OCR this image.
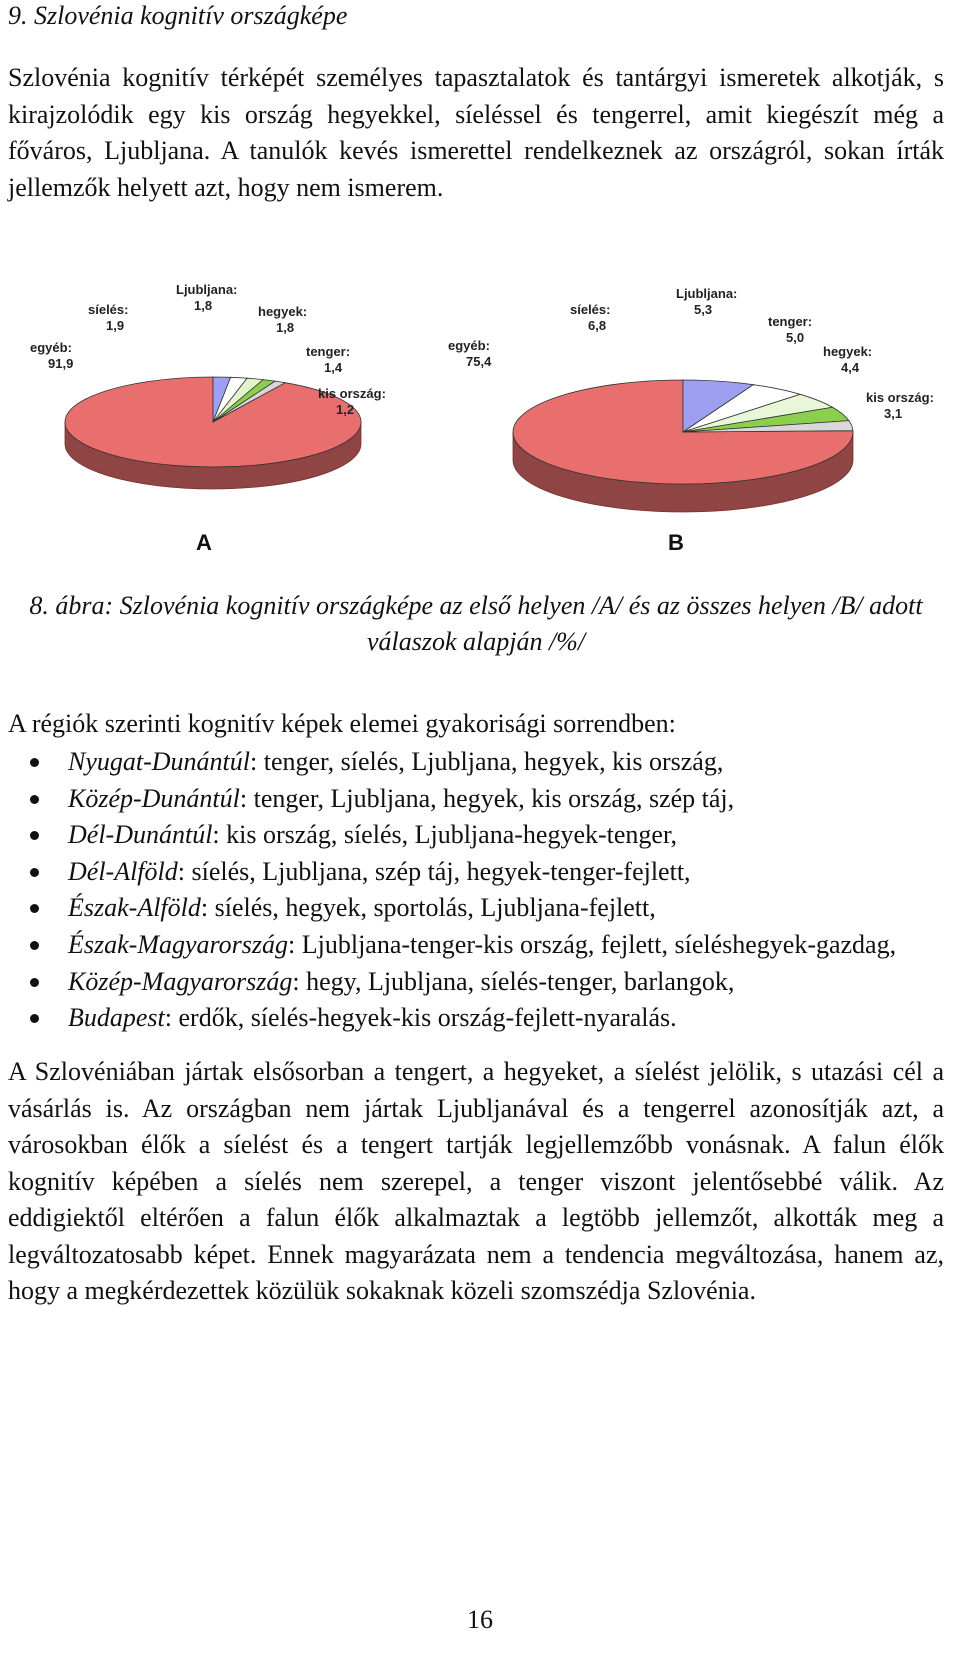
9. Szlovénia kognitív országképe

Szlovénia kognitív térképét személyes tapasztalatok és tantárgyi ismeretek alkotják, s kirajzolódik egy kis ország hegyekkel, síeléssel és tengerrel, amit kiegészít még a főváros, Ljubljana. A tanulók kevés ismerettel rendelkeznek az országról, sokan írták jellemzők helyett azt, hogy nem ismerem.

egyéb:
91,9
síelés:
1,9
Ljubljana:
1,8	hegyek:
1,8
tenger:
1,4
kis ország:
1,2
A
egyéb:
75,4
síelés:
6,8
Ljubljana:
5,3
tenger:
5,0
hegyek:
4,4
kis ország:
3,1
B
8. ábra: Szlovénia kognitív országképe az első helyen /A/ és az összes helyen /B/ adott válaszok alapján /%/
A régiók szerinti kognitív képek elemei gyakorisági sorrendben:
Nyugat-Dunántúl: tenger, síelés, Ljubljana, hegyek, kis ország,
Közép-Dunántúl: tenger, Ljubljana, hegyek, kis ország, szép táj,
Dél-Dunántúl: kis ország, síelés, Ljubljana-hegyek-tenger,
Dél-Alföld: síelés, Ljubljana, szép táj, hegyek-tenger-fejlett,
Észak-Alföld: síelés, hegyek, sportolás, Ljubljana-fejlett,
Észak-Magyarország: Ljubljana-tenger-kis ország, fejlett, síeléshegyek-gazdag,
Közép-Magyarország: hegy, Ljubljana, síelés-tenger, barlangok,
Budapest: erdők, síelés-hegyek-kis ország-fejlett-nyaralás.

A Szlovéniában jártak elsősorban a tengert, a hegyeket, a síelést jelölik, s utazási cél a vásárlás is. Az országban nem jártak Ljubljanával és a tengerrel azonosítják azt, a városokban élők a síelést és a tengert tartják legjellemzőbb vonásnak. A falun élők kognitív képében a síelés nem szerepel, a tenger viszont jelentősebbé válik. Az eddigiektől eltérően a falun élők alkalmaztak a legtöbb jellemzőt, alkották meg a legváltozatosabb képet. Ennek magyarázata nem a tendencia megváltozása, hanem az, hogy a megkérdezettek közülük sokaknak közeli szomszédja Szlovénia.

16
